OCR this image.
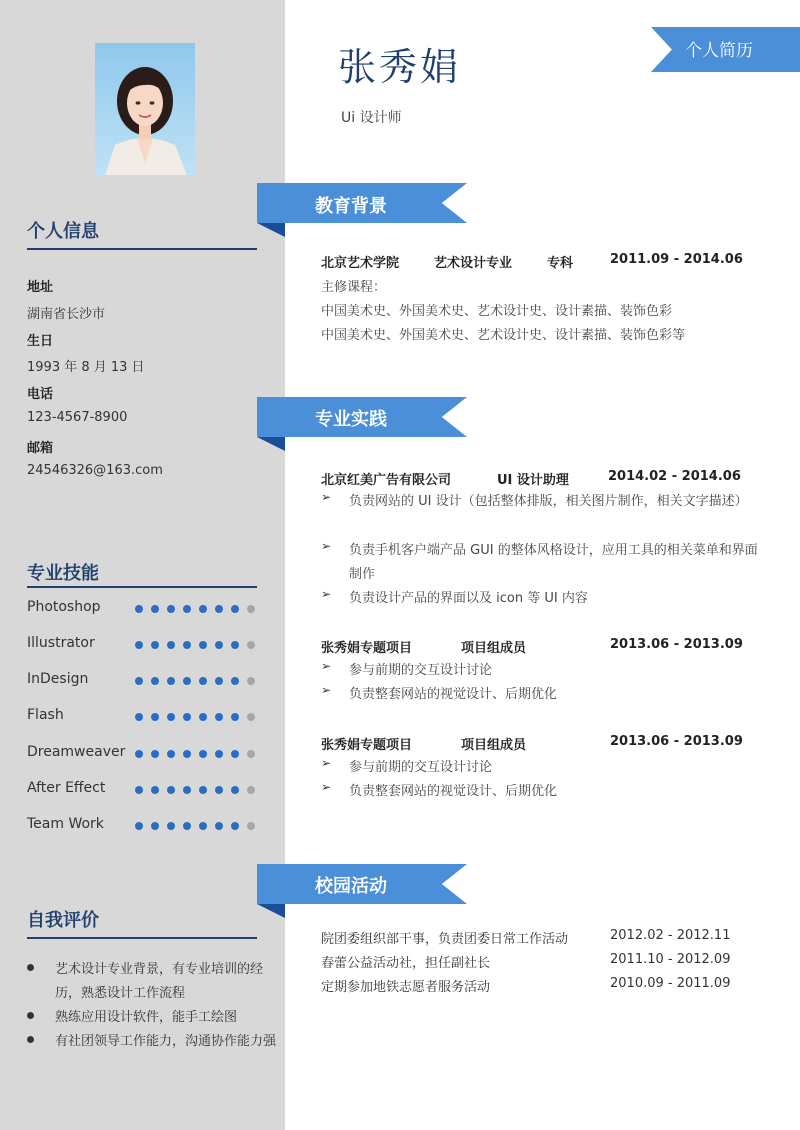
个人信息
地址
湖南省长沙市
生日
1993 年 8 月 13 日
电话
123-4567-8900
邮箱
24546326@163.com
专业技能
Photoshop
Illustrator
InDesign
Flash
Dreamweaver
After Effect
Team Work
自我评价
艺术设计专业背景，有专业培训的经历，熟悉设计工作流程
熟练应用设计软件，能手工绘图
有社团领导工作能力，沟通协作能力强
张秀娟
Ui 设计师
个人简历
教育背景
北京艺术学院	艺术设计专业	专科	2011.09 - 2014.06
主修课程：
中国美术史、外国美术史、艺术设计史、设计素描、装饰色彩
中国美术史、外国美术史、艺术设计史、设计素描、装饰色彩等
专业实践
北京红美广告有限公司	UI 设计助理	2014.02 - 2014.06
➢ 负责网站的 UI 设计（包括整体排版，相关图片制作，相关文字描述）
➢ 负责手机客户端产品 GUI 的整体风格设计，应用工具的相关菜单和界面制作
➢ 负责设计产品的界面以及 icon 等 UI 内容
张秀娟专题项目	项目组成员	2013.06 - 2013.09
➢ 参与前期的交互设计讨论
➢ 负责整套网站的视觉设计、后期优化
张秀娟专题项目	项目组成员	2013.06 - 2013.09
➢ 参与前期的交互设计讨论
➢ 负责整套网站的视觉设计、后期优化
校园活动
院团委组织部干事，负责团委日常工作活动	2012.02 - 2012.11
春蕾公益活动社，担任副社长	2011.10 - 2012.09
定期参加地铁志愿者服务活动	2010.09 - 2011.09
